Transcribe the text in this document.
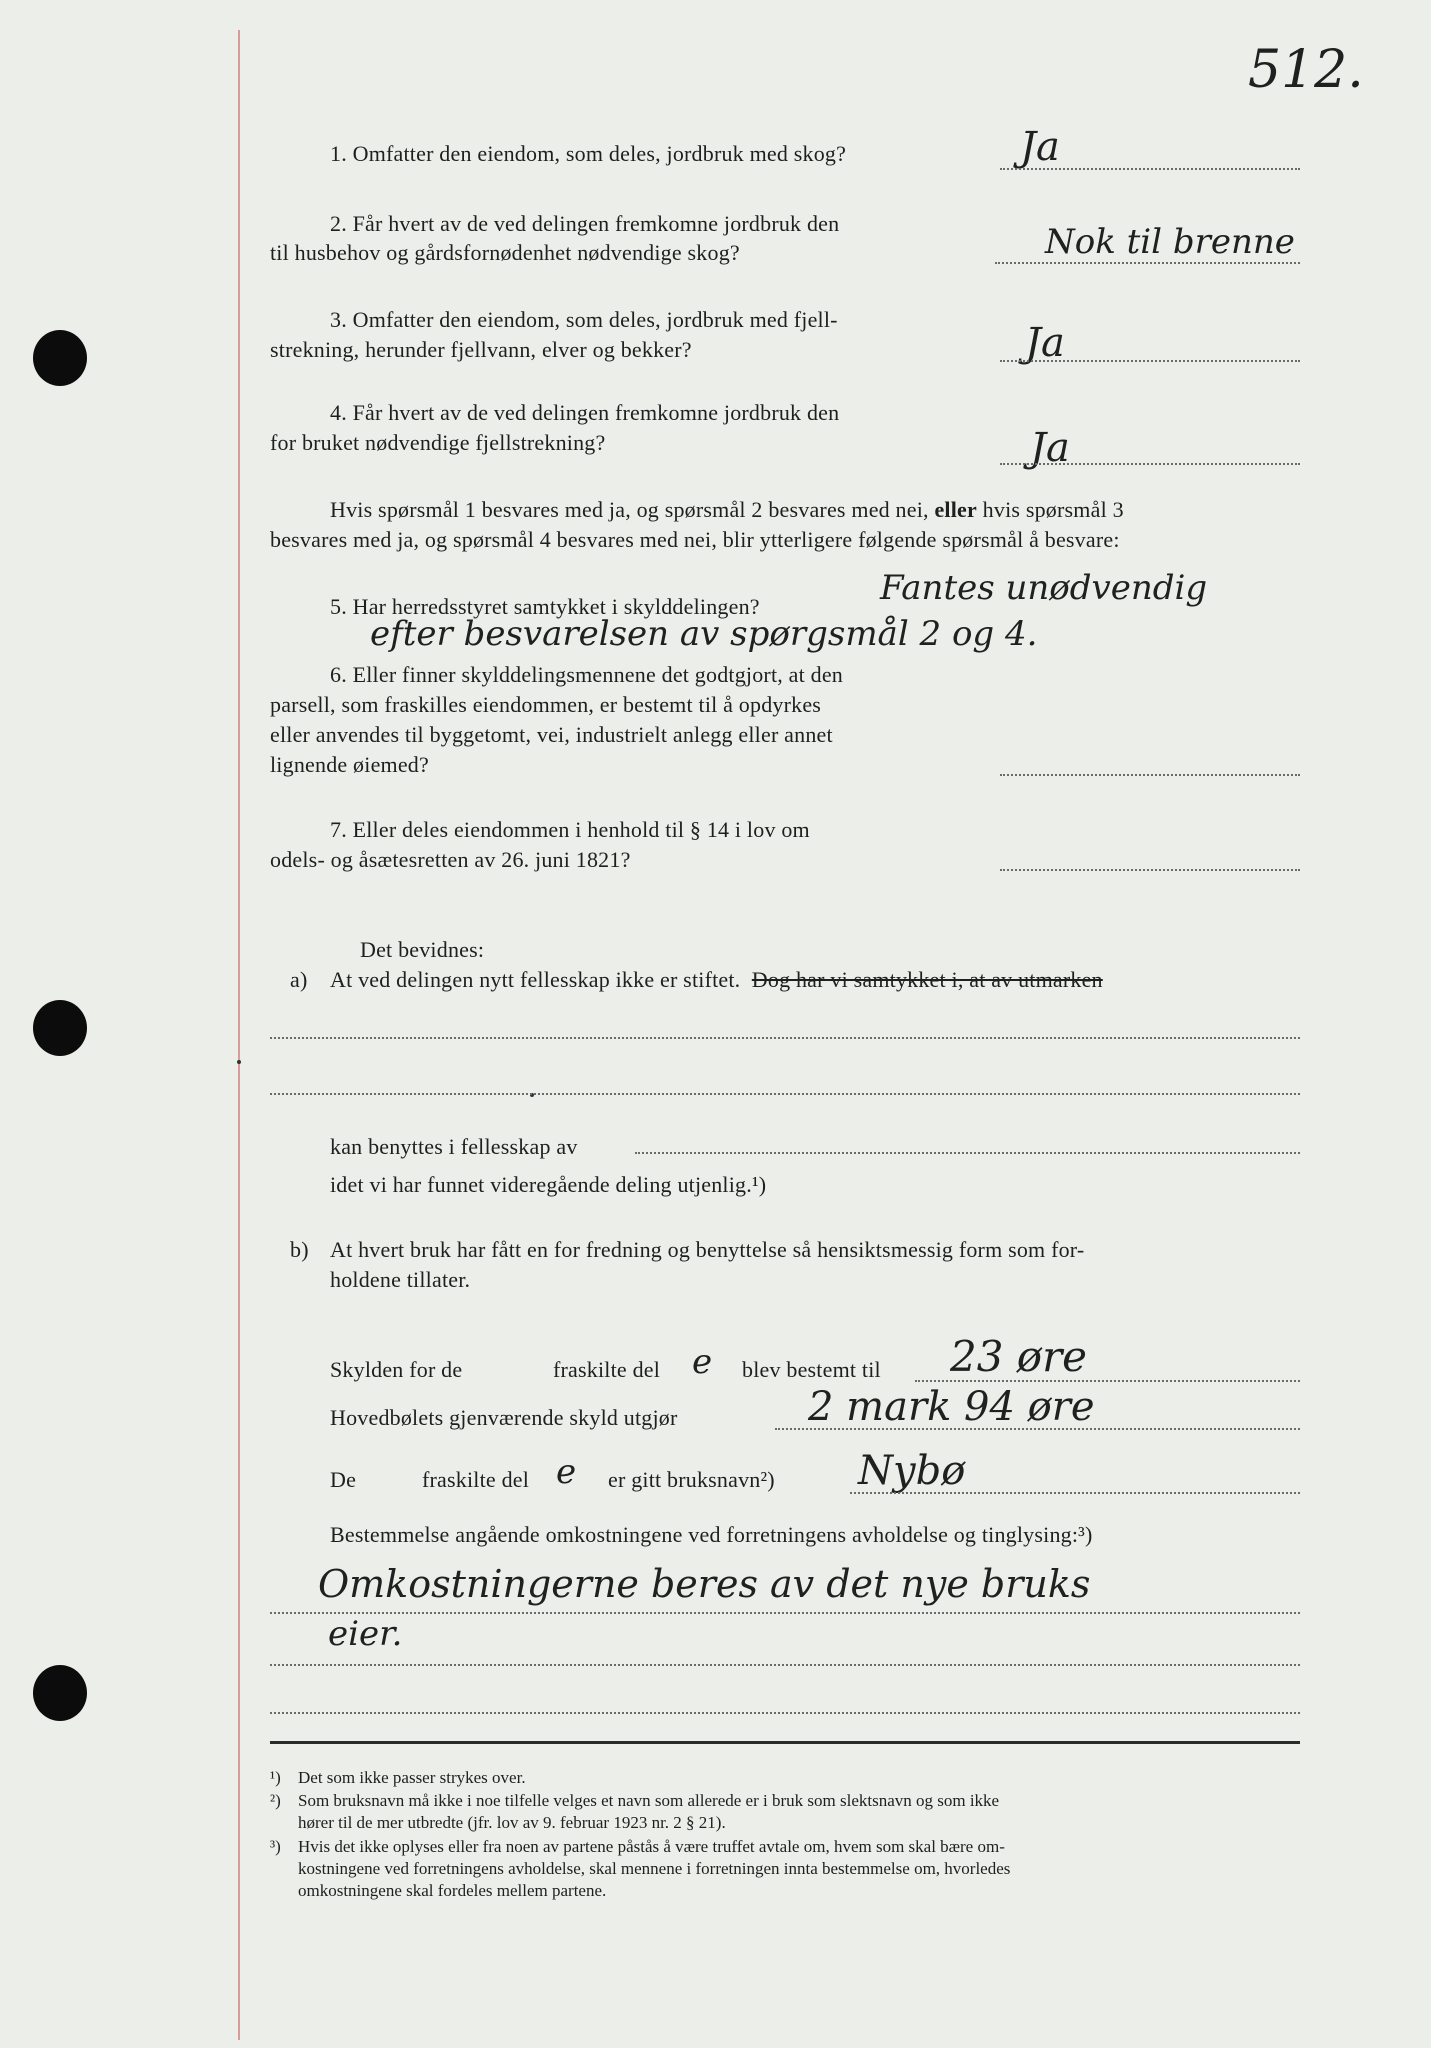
512.
1. Omfatter den eiendom, som deles, jordbruk med skog?	Ja
2. Får hvert av de ved delingen fremkomne jordbruk den
til husbehov og gårdsfornødenhet nødvendige skog?	Nok til brenne
3. Omfatter den eiendom, som deles, jordbruk med fjell-
strekning, herunder fjellvann, elver og bekker?	Ja
4. Får hvert av de ved delingen fremkomne jordbruk den
for bruket nødvendige fjellstrekning?	Ja
Hvis spørsmål 1 besvares med ja, og spørsmål 2 besvares med nei, eller hvis spørsmål 3
besvares med ja, og spørsmål 4 besvares med nei, blir ytterligere følgende spørsmål å besvare:
5. Har herredsstyret samtykket i skylddelingen?	Fantes unødvendig
efter besvarelsen av spørgsmål 2 og 4.
6. Eller finner skylddelingsmennene det godtgjort, at den
parsell, som fraskilles eiendommen, er bestemt til å opdyrkes
eller anvendes til byggetomt, vei, industrielt anlegg eller annet
lignende øiemed?
7. Eller deles eiendommen i henhold til § 14 i lov om
odels- og åsætesretten av 26. juni 1821?
Det bevidnes:
a) At ved delingen nytt fellesskap ikke er stiftet. Dog har vi samtykket i, at av utmarken
kan benyttes i fellesskap av
idet vi har funnet videregående deling utjenlig.¹)
b) At hvert bruk har fått en for fredning og benyttelse så hensiktsmessig form som for-
holdene tillater.
Skylden for de	fraskilte del e blev bestemt til 23 øre
Hovedbølets gjenværende skyld utgjør	2 mark 94 øre
De	fraskilte del e er gitt bruksnavn²) Nybø
Bestemmelse angående omkostningene ved forretningens avholdelse og tinglysing:³)
Omkostningerne beres av det nye bruks
eier.
¹) Det som ikke passer strykes over.
²) Som bruksnavn må ikke i noe tilfelle velges et navn som allerede er i bruk som slektsnavn og som ikke
hører til de mer utbredte (jfr. lov av 9. februar 1923 nr. 2 § 21).
³) Hvis det ikke oplyses eller fra noen av partene påstås å være truffet avtale om, hvem som skal bære om-
kostningene ved forretningens avholdelse, skal mennene i forretningen innta bestemmelse om, hvorledes
omkostningene skal fordeles mellem partene.
